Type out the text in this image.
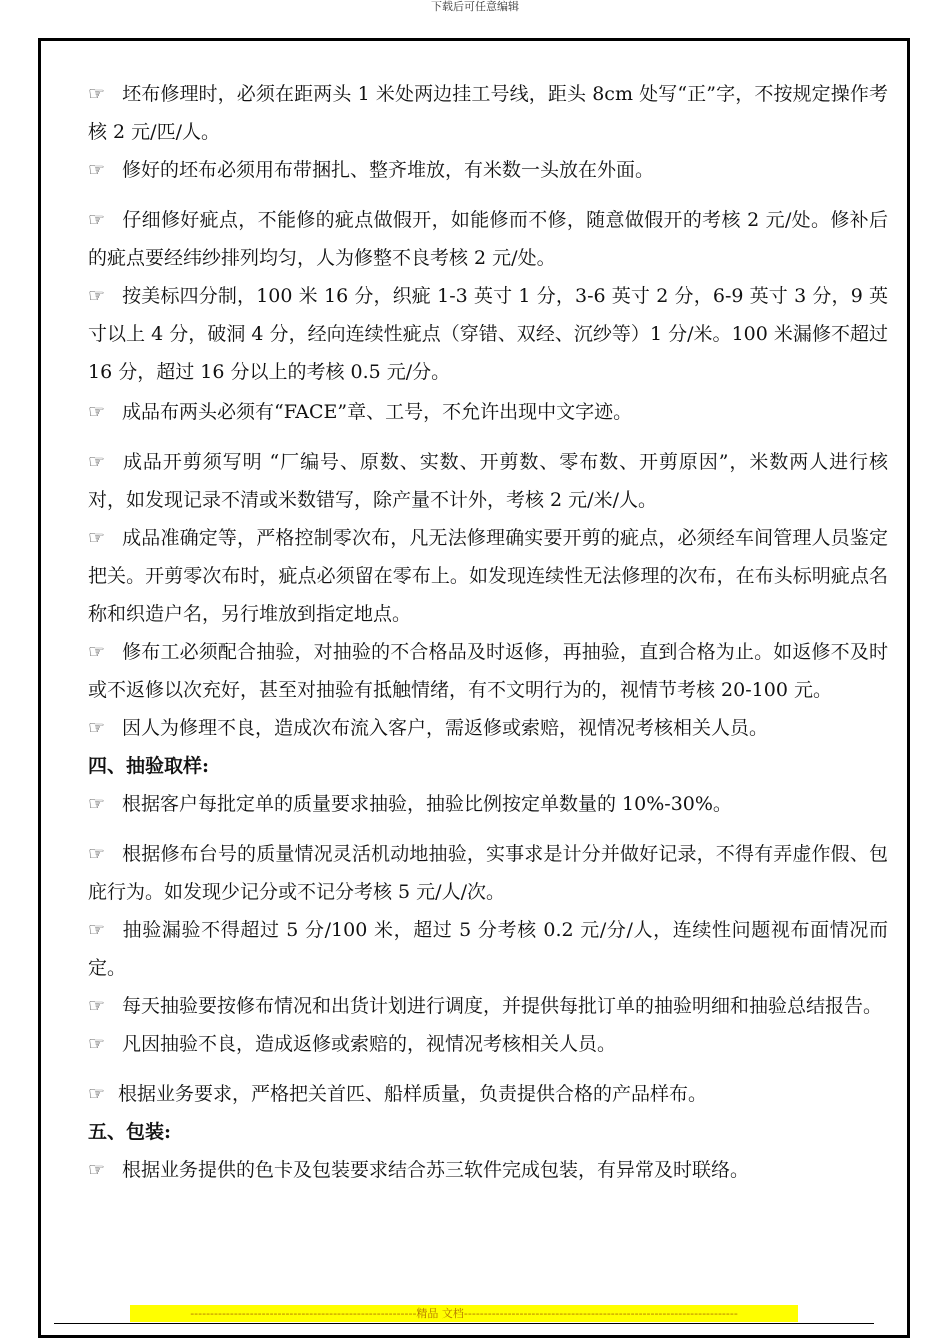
下载后可任意编辑
☞ 坯布修理时，必须在距两头 1 米处两边挂工号线，距头 8cm 处写“正”字，不按规定操作考核 2 元/匹/人。
☞ 修好的坯布必须用布带捆扎、整齐堆放，有米数一头放在外面。
☞ 仔细修好疵点，不能修的疵点做假开，如能修而不修，随意做假开的考核 2 元/处。修补后的疵点要经纬纱排列均匀，人为修整不良考核 2 元/处。
☞ 按美标四分制，100 米 16 分，织疵 1-3 英寸 1 分，3-6 英寸 2 分，6-9 英寸 3 分，9 英寸以上 4 分，破洞 4 分，经向连续性疵点（穿错、双经、沉纱等）1 分/米。100 米漏修不超过 16 分，超过 16 分以上的考核 0.5 元/分。
☞ 成品布两头必须有“FACE”章、工号，不允许出现中文字迹。
☞ 成品开剪须写明 “厂编号、原数、实数、开剪数、零布数、开剪原因”，米数两人进行核对，如发现记录不清或米数错写，除产量不计外，考核 2 元/米/人。
☞ 成品准确定等，严格控制零次布，凡无法修理确实要开剪的疵点，必须经车间管理人员鉴定把关。开剪零次布时，疵点必须留在零布上。如发现连续性无法修理的次布，在布头标明疵点名称和织造户名，另行堆放到指定地点。
☞ 修布工必须配合抽验，对抽验的不合格品及时返修，再抽验，直到合格为止。如返修不及时或不返修以次充好，甚至对抽验有抵触情绪，有不文明行为的，视情节考核 20-100 元。
☞ 因人为修理不良，造成次布流入客户，需返修或索赔，视情况考核相关人员。
四、抽验取样:
☞ 根据客户每批定单的质量要求抽验，抽验比例按定单数量的 10%-30%。
☞ 根据修布台号的质量情况灵活机动地抽验，实事求是计分并做好记录，不得有弄虚作假、包庇行为。如发现少记分或不记分考核 5 元/人/次。
☞ 抽验漏验不得超过 5 分/100 米，超过 5 分考核 0.2 元/分/人，连续性问题视布面情况而定。
☞ 每天抽验要按修布情况和出货计划进行调度，并提供每批订单的抽验明细和抽验总结报告。
☞ 凡因抽验不良，造成返修或索赔的，视情况考核相关人员。
☞ 根据业务要求，严格把关首匹、船样质量，负责提供合格的产品样布。
五、包装:
☞ 根据业务提供的色卡及包装要求结合苏三软件完成包装，有异常及时联络。
---------------------------------------------------------精品 文档---------------------------------------------------------------------
